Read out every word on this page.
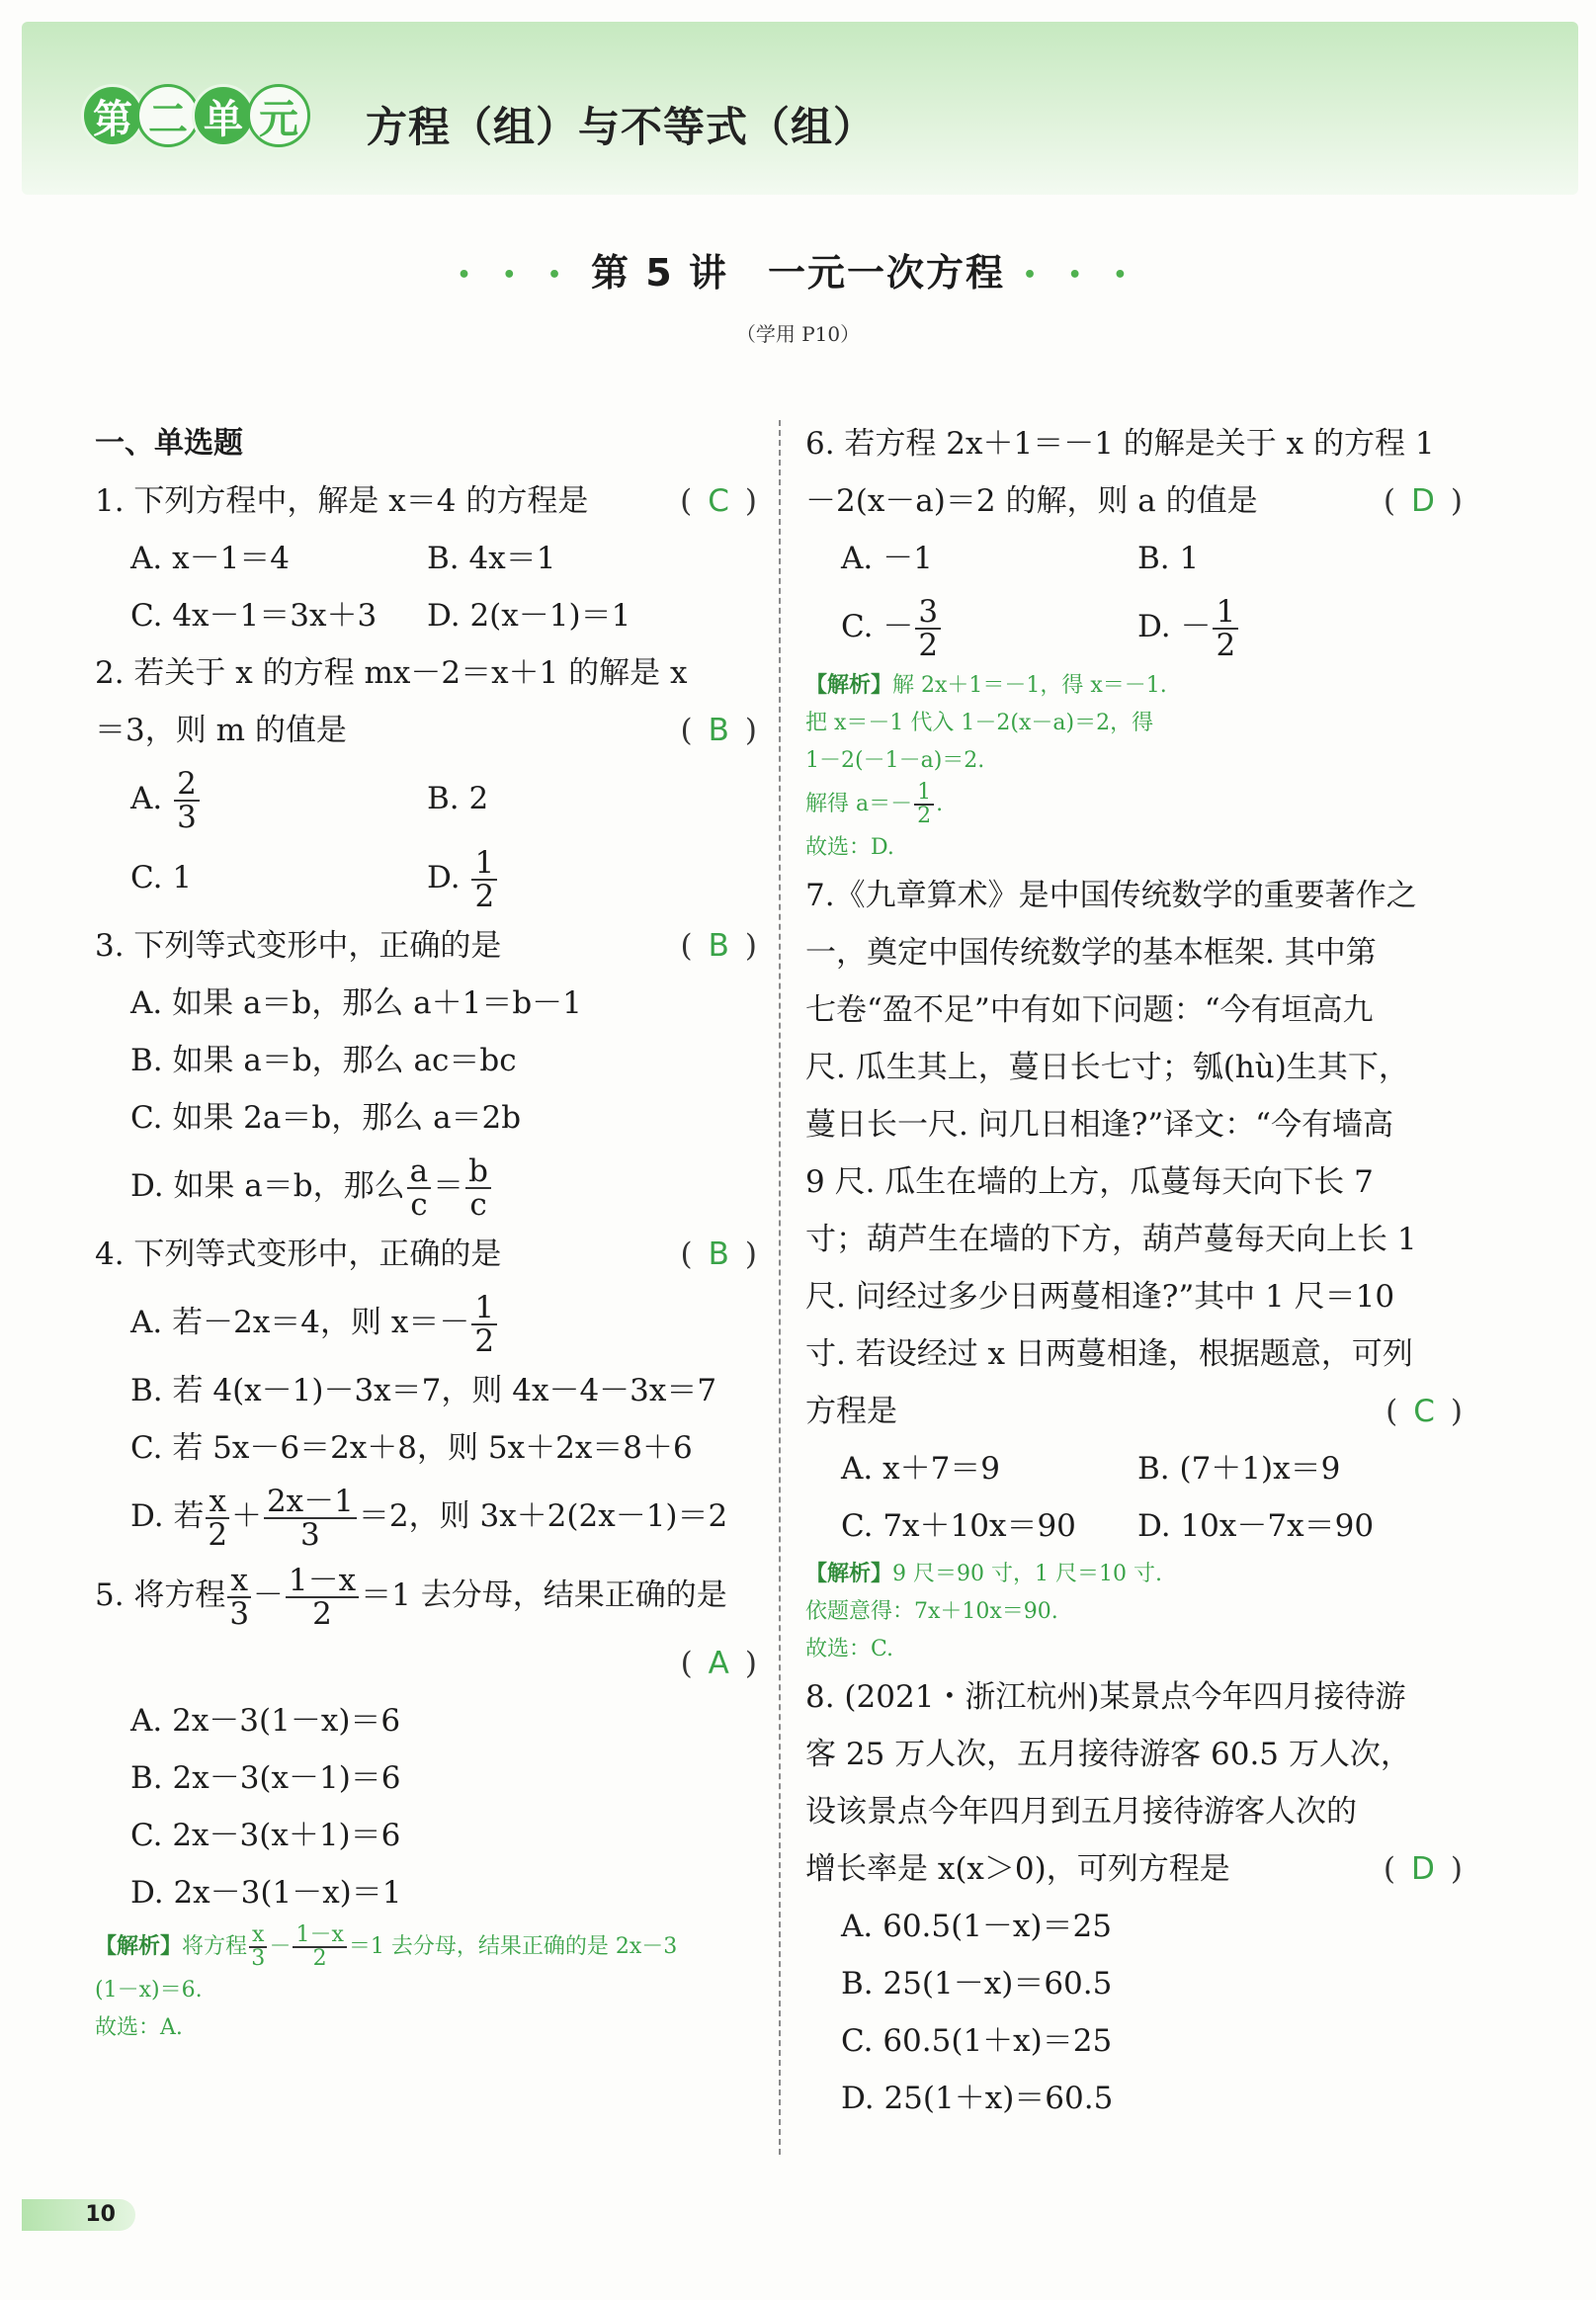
第 二 单 元 方程（组）与不等式（组）
• • • 第 5 讲　一元一次方程 • • •
（学用 P10）
一、单选题
1. 下列方程中，解是 x＝4 的方程是	( C )
A. x－1＝4	B. 4x＝1
C. 4x－1＝3x＋3	D. 2(x－1)＝1
2. 若关于 x 的方程 mx－2＝x＋1 的解是 x
＝3，则 m 的值是	( B )
A. $\frac{2}{3}$	B. 2
C. 1	D. $\frac{1}{2}$
3. 下列等式变形中，正确的是	( B )
A. 如果 a＝b，那么 a＋1＝b－1
B. 如果 a＝b，那么 ac＝bc
C. 如果 2a＝b，那么 a＝2b
D. 如果 a＝b，那么 $\frac{a}{c} = \frac{b}{c}$
4. 下列等式变形中，正确的是	( B )
A. 若－2x＝4，则 $x=- \frac{1}{2}$
B. 若 4(x－1)－3x＝7，则 4x－4－3x＝7
C. 若 5x－6＝2x＋8，则 5x＋2x＝8＋6
D. 若 $\frac{x}{2} + \frac{2x-1}{3} =2$，则 3x＋2(2x－1)＝2
5. 将方程 $\frac{x}{3} - \frac{1-x}{2} =1$ 去分母，结果正确的是
( A )
A. 2x－3(1－x)＝6
B. 2x－3(x－1)＝6
C. 2x－3(x＋1)＝6
D. 2x－3(1－x)＝1
【解析】将方程 $\frac{x}{3} - \frac{1-x}{2} =1$ 去分母，结果正确的是 2x－3
(1－x)＝6.
故选：A.
6. 若方程 2x＋1＝－1 的解是关于 x 的方程 1
－2(x－a)＝2 的解，则 a 的值是	( D )
A. －1	B. 1
C. － $\frac{3}{2}$	D. － $\frac{1}{2}$
【解析】解 2x＋1＝－1，得 x＝－1.
把 x＝－1 代入 1－2(x－a)＝2，得
1－2(－1－a)＝2.
解得 $a=- \frac{1}{2}$ .
故选：D.
7.《九章算术》是中国传统数学的重要著作之
一，奠定中国传统数学的基本框架. 其中第
七卷“盈不足”中有如下问题：“今有垣高九
尺. 瓜生其上，蔓日长七寸；瓠(hù)生其下，
蔓日长一尺. 问几日相逢?”译文：“今有墙高
9 尺. 瓜生在墙的上方，瓜蔓每天向下长 7
寸；葫芦生在墙的下方，葫芦蔓每天向上长 1
尺. 问经过多少日两蔓相逢?”其中 1 尺＝10
寸. 若设经过 x 日两蔓相逢，根据题意，可列
方程是	( C )
A. x＋7＝9	B. (7＋1)x＝9
C. 7x＋10x＝90	D. 10x－7x＝90
【解析】9 尺＝90 寸，1 尺＝10 寸.
依题意得：7x＋10x＝90.
故选：C.
8. (2021・浙江杭州)某景点今年四月接待游
客 25 万人次，五月接待游客 60.5 万人次，
设该景点今年四月到五月接待游客人次的
增长率是 x(x＞0)，可列方程是	( D )
A. 60.5(1－x)＝25
B. 25(1－x)＝60.5
C. 60.5(1＋x)＝25
D. 25(1＋x)＝60.5
10
